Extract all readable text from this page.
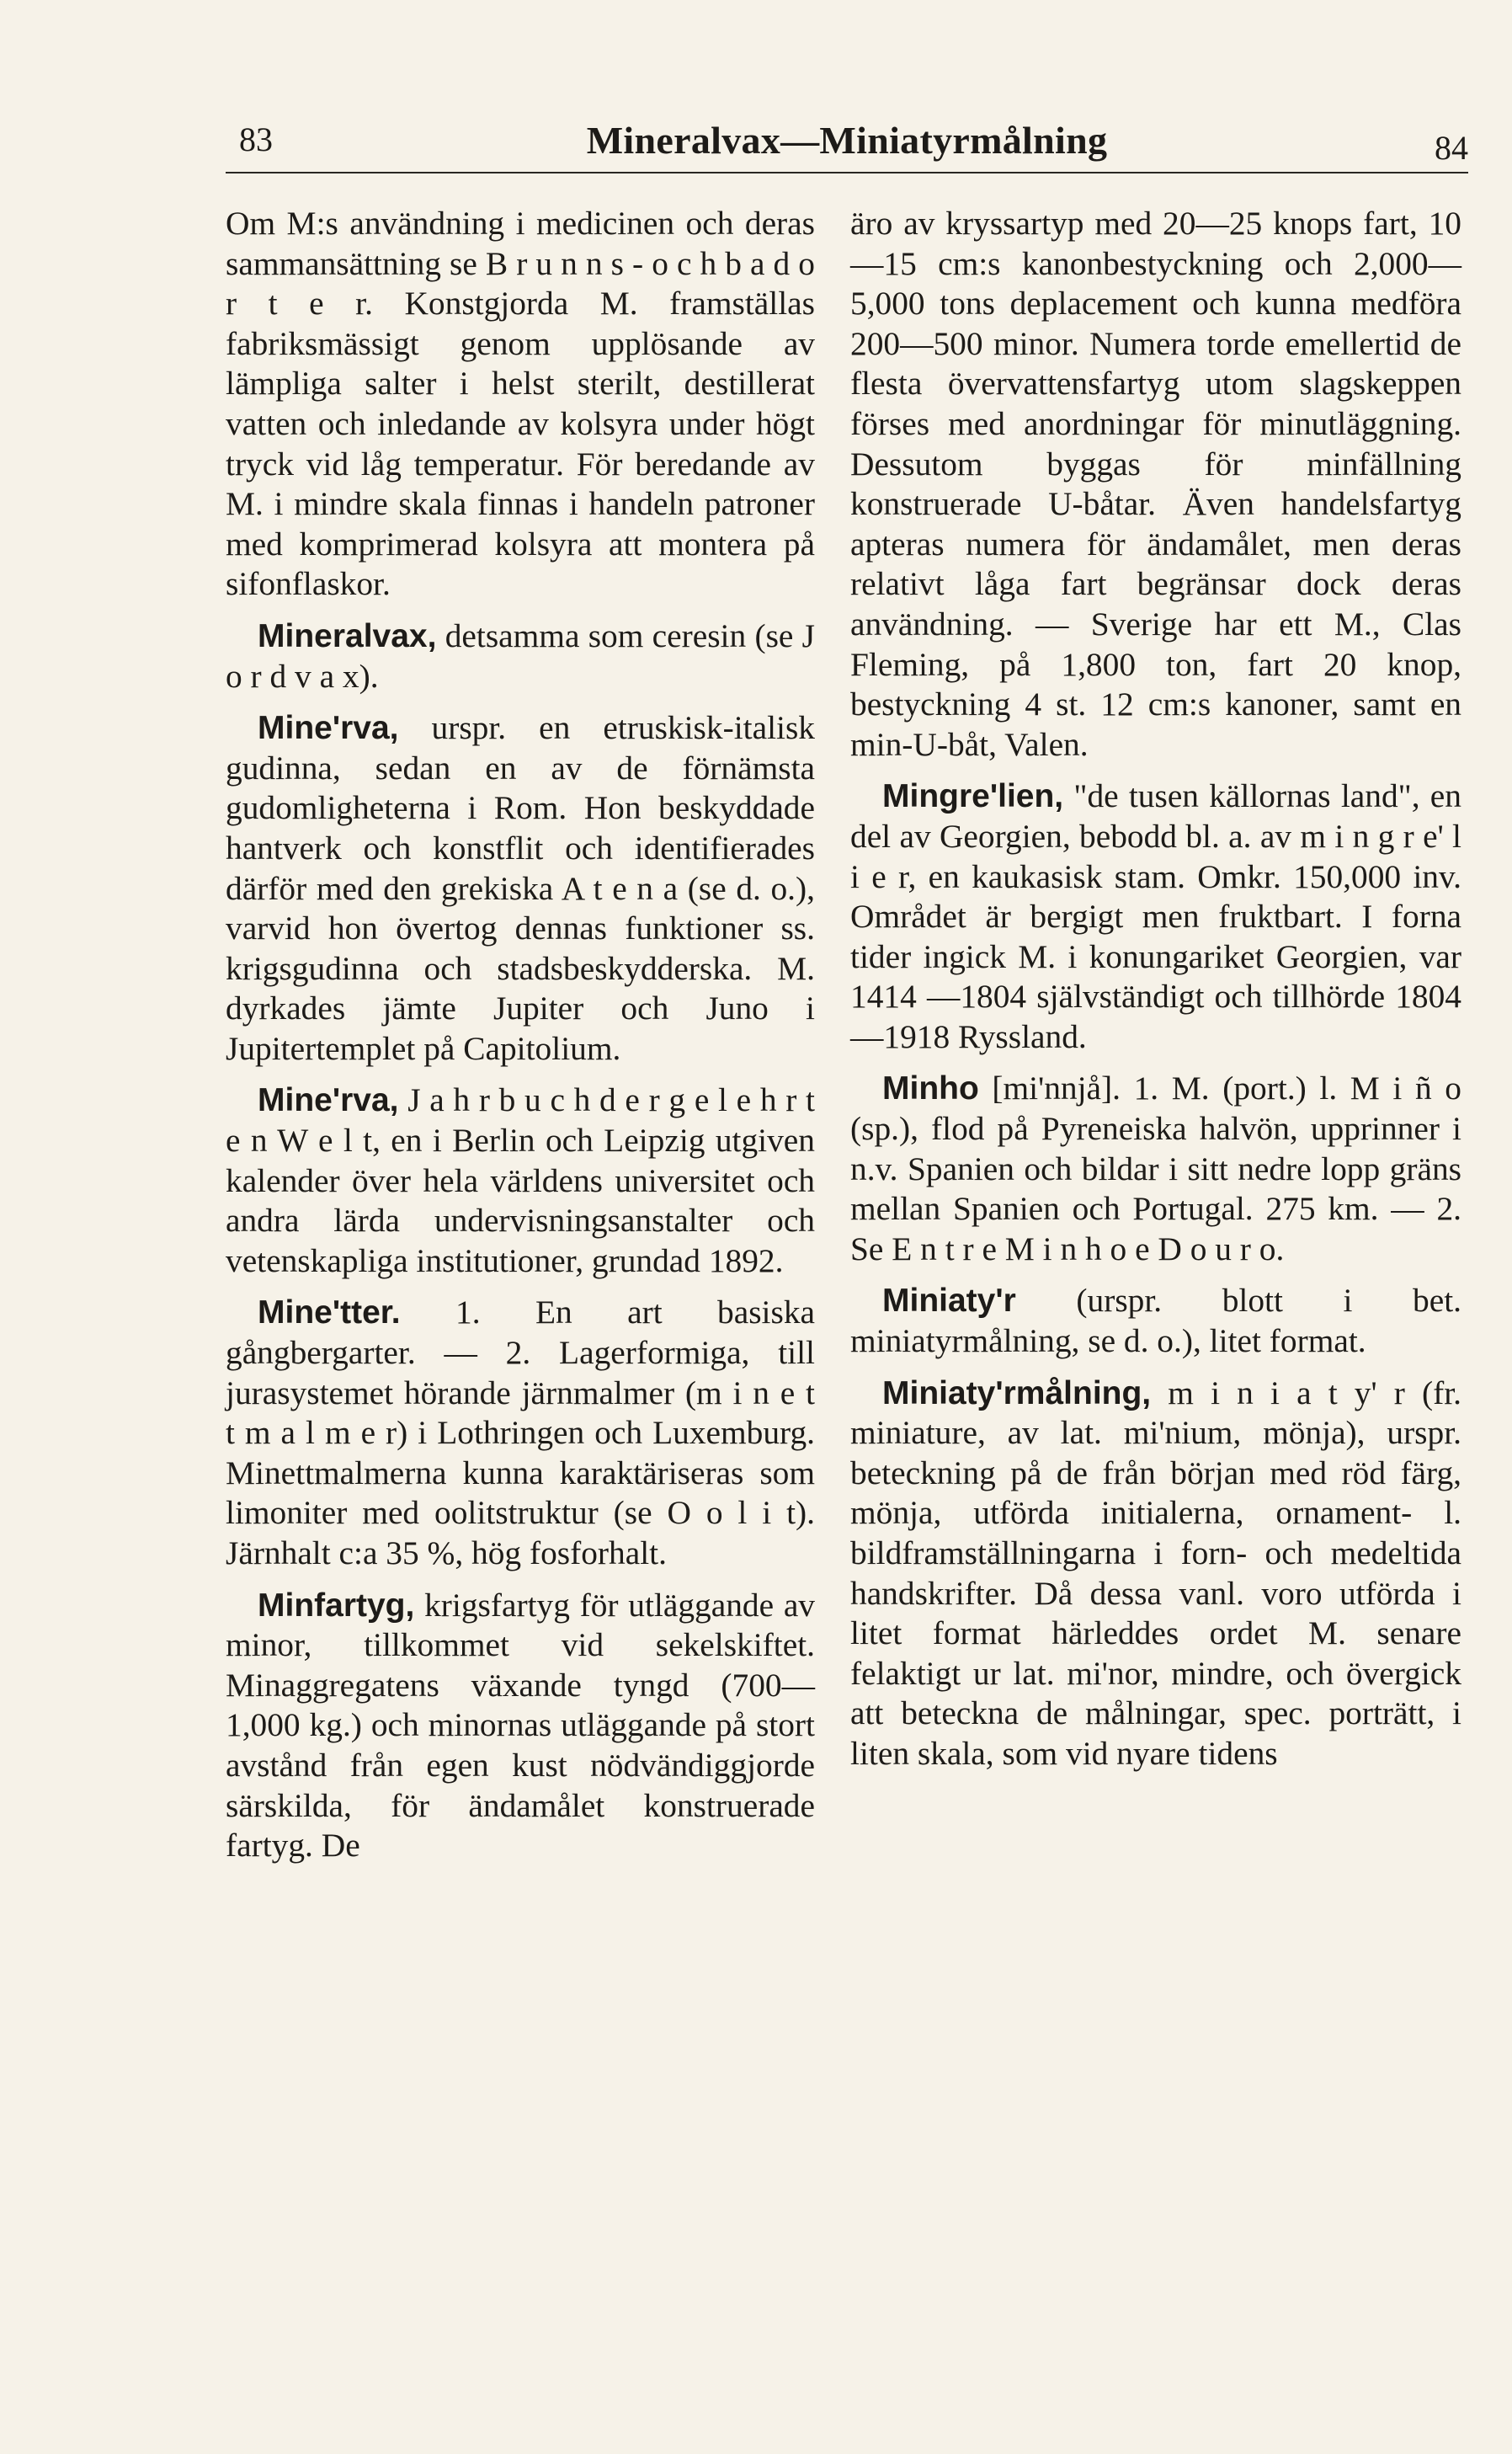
83	Mineralvax—Miniatyrmålning	84

Om M:s användning i medicinen och deras sammansättning se B r u n n s - o c h b a d o r t e r. Konstgjorda M. framställas fabriksmässigt genom upplösande av lämpliga salter i helst sterilt, destillerat vatten och inledande av kolsyra under högt tryck vid låg temperatur. För beredande av M. i mindre skala finnas i handeln patroner med komprimerad kolsyra att montera på sifonflaskor.

Mineralvax, detsamma som ceresin (se J o r d v a x).

Mine'rva, urspr. en etruskisk-italisk gudinna, sedan en av de förnämsta gudomligheterna i Rom. Hon beskyddade hantverk och konstflit och identifierades därför med den grekiska A t e n a (se d. o.), varvid hon övertog dennas funktioner ss. krigsgudinna och stadsbeskydderska. M. dyrkades jämte Jupiter och Juno i Jupitertemplet på Capitolium.

Mine'rva, J a h r b u c h d e r g e l e h r t e n W e l t, en i Berlin och Leipzig utgiven kalender över hela världens universitet och andra lärda undervisningsanstalter och vetenskapliga institutioner, grundad 1892.

Mine'tter. 1. En art basiska gångbergarter. — 2. Lagerformiga, till jurasystemet hörande järnmalmer (m i n e t t m a l m e r) i Lothringen och Luxemburg. Minettmalmerna kunna karaktäriseras som limoniter med oolitstruktur (se O o l i t). Järnhalt c:a 35 %, hög fosforhalt.

Minfartyg, krigsfartyg för utläggande av minor, tillkommet vid sekelskiftet. Minaggregatens växande tyngd (700—1,000 kg.) och minornas utläggande på stort avstånd från egen kust nödvändiggjorde särskilda, för ändamålet konstruerade fartyg. De

äro av kryssartyp med 20—25 knops fart, 10—15 cm:s kanonbestyckning och 2,000—5,000 tons deplacement och kunna medföra 200—500 minor. Numera torde emellertid de flesta övervattensfartyg utom slagskeppen förses med anordningar för minutläggning. Dessutom byggas för minfällning konstruerade U-båtar. Även handelsfartyg apteras numera för ändamålet, men deras relativt låga fart begränsar dock deras användning. — Sverige har ett M., Clas Fleming, på 1,800 ton, fart 20 knop, bestyckning 4 st. 12 cm:s kanoner, samt en min-U-båt, Valen.

Mingre'lien, "de tusen källornas land", en del av Georgien, bebodd bl. a. av m i n g r e' l i e r, en kaukasisk stam. Omkr. 150,000 inv. Området är bergigt men fruktbart. I forna tider ingick M. i konungariket Georgien, var 1414 —1804 självständigt och tillhörde 1804—1918 Ryssland.

Minho [mi'nnjå]. 1. M. (port.) l. M i ñ o (sp.), flod på Pyreneiska halvön, upprinner i n.v. Spanien och bildar i sitt nedre lopp gräns mellan Spanien och Portugal. 275 km. — 2. Se E n t r e M i n h o e D o u r o.

Miniaty'r (urspr. blott i bet. miniatyrmålning, se d. o.), litet format.

Miniaty'rmålning, m i n i a t y' r (fr. miniature, av lat. mi'nium, mönja), urspr. beteckning på de från början med röd färg, mönja, utförda initialerna, ornament- l. bildframställningarna i forn- och medeltida handskrifter. Då dessa vanl. voro utförda i litet format härleddes ordet M. senare felaktigt ur lat. mi'nor, mindre, och övergick att beteckna de målningar, spec. porträtt, i liten skala, som vid nyare tidens
